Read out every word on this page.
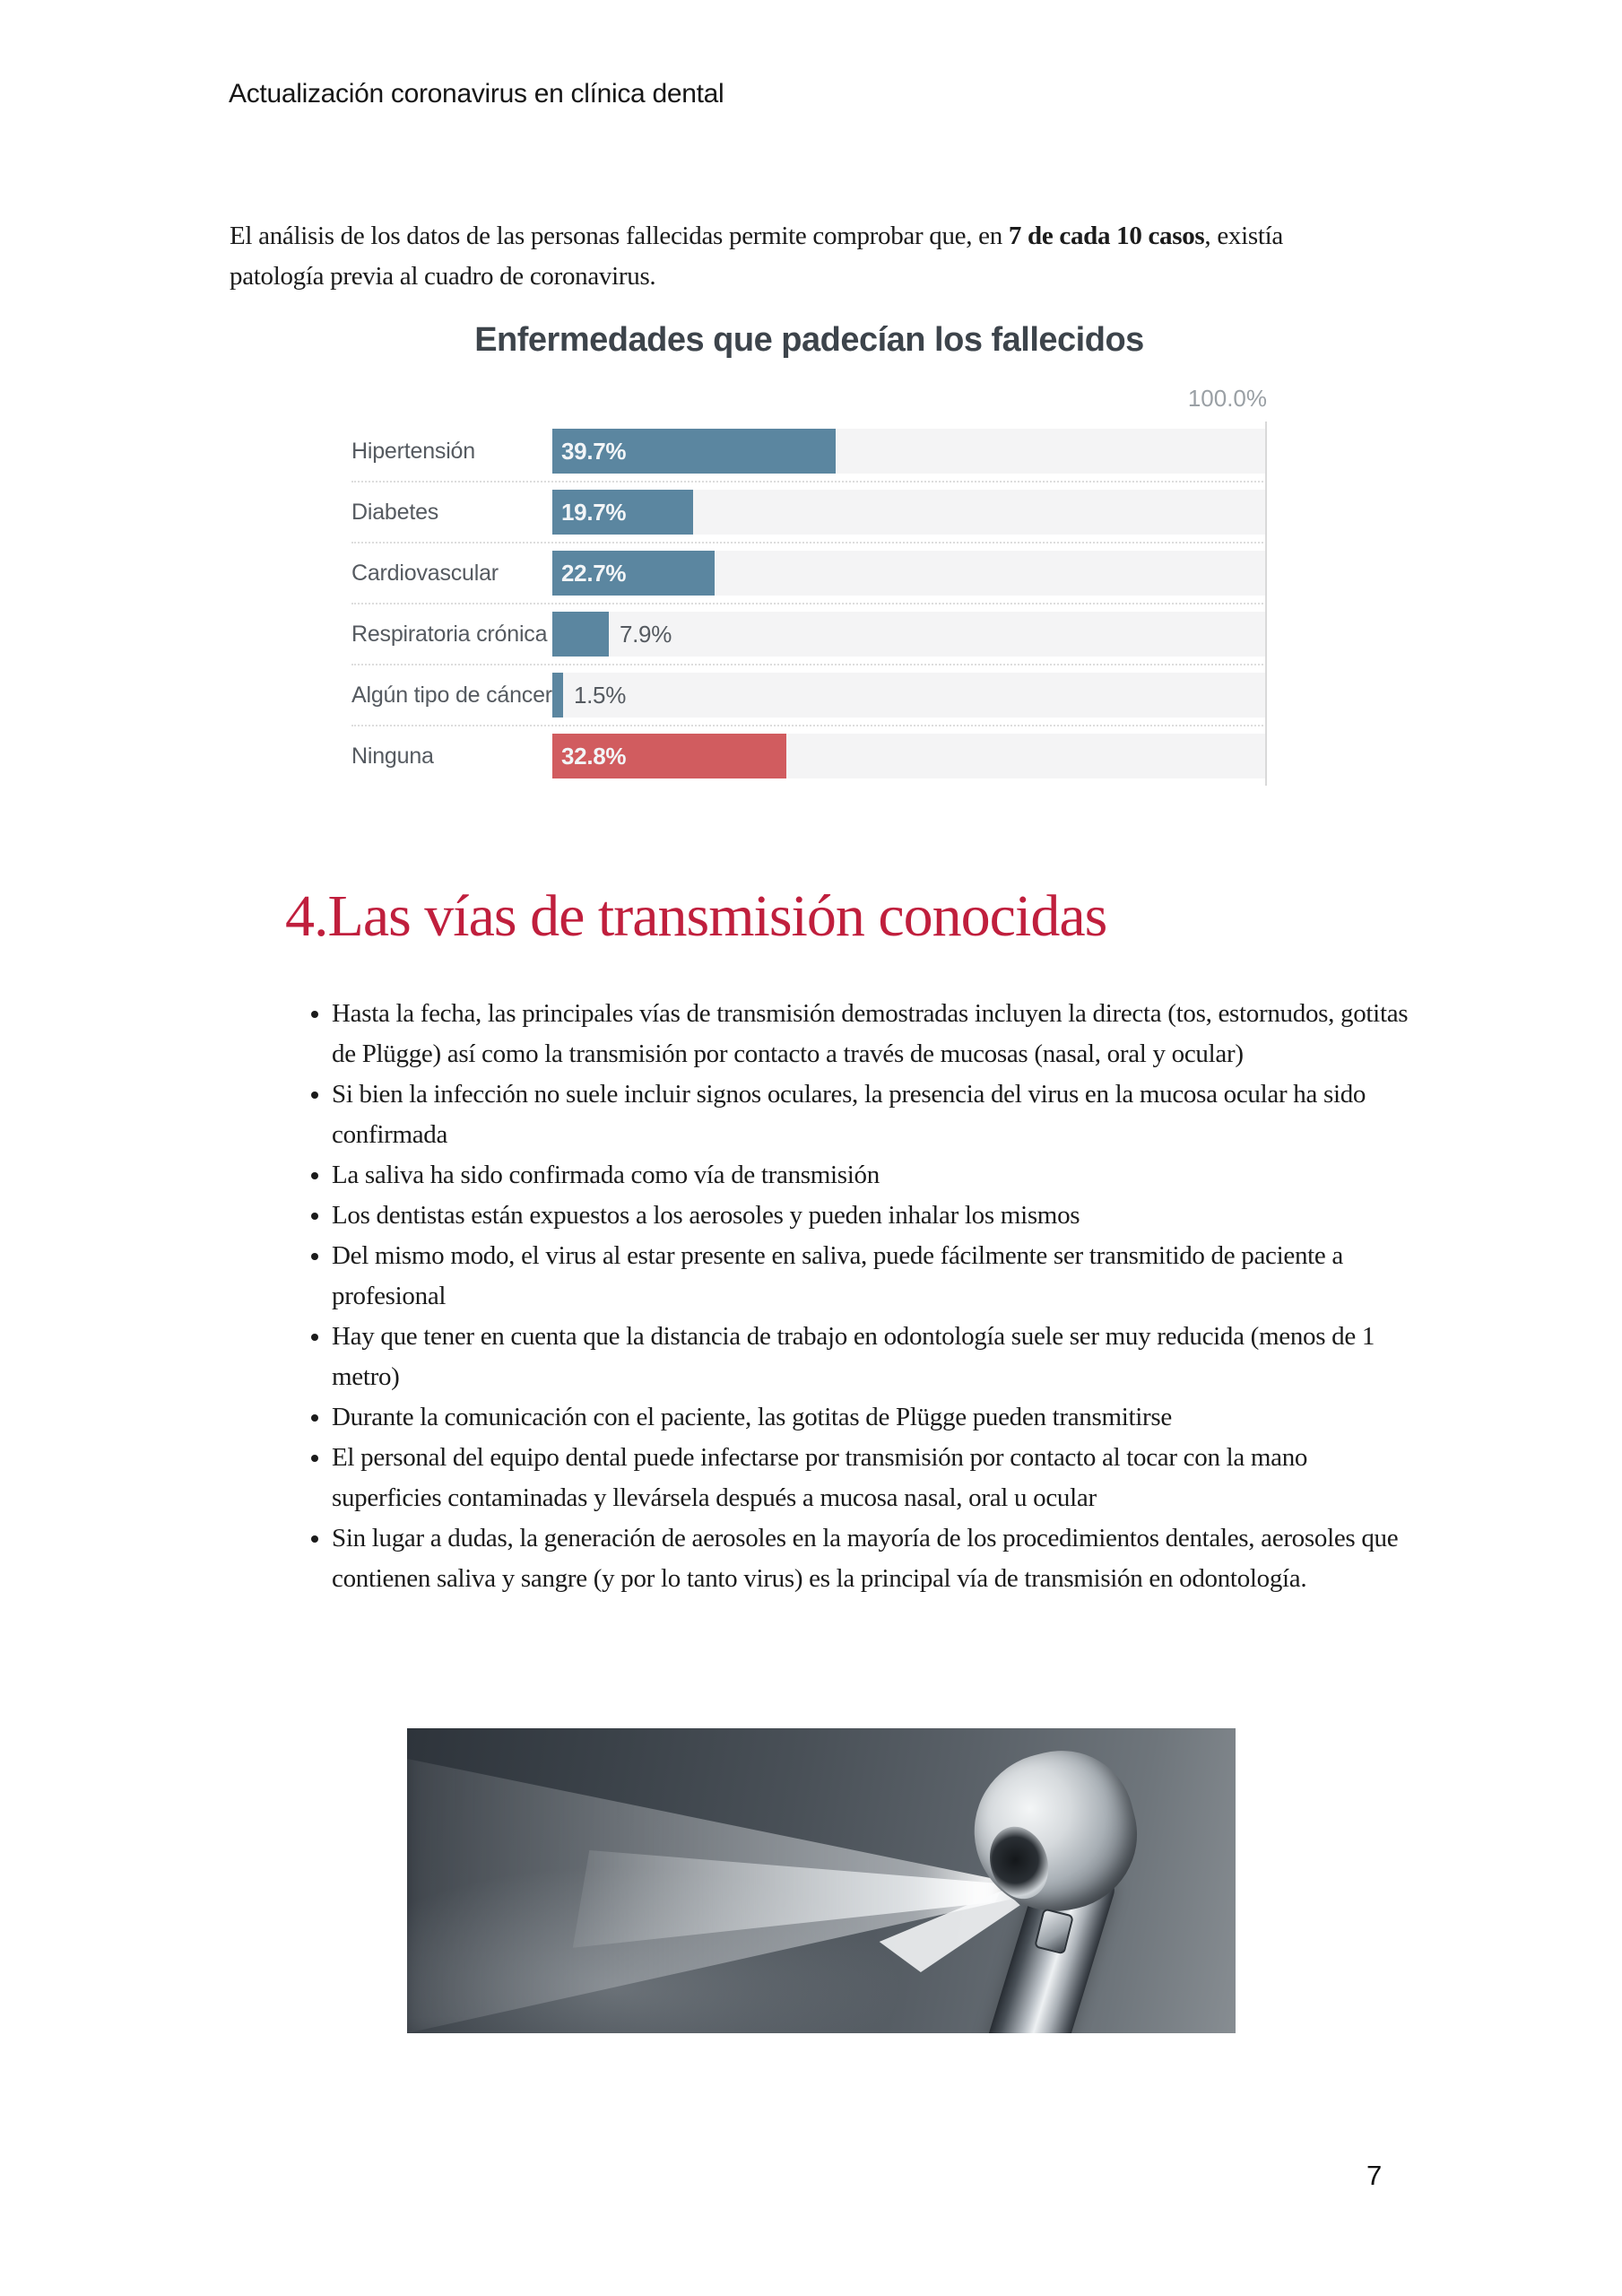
Actualización coronavirus en clínica dental

El análisis de los datos de las personas fallecidas permite comprobar que, en 7 de cada 10 casos, existía patología previa al cuadro de coronavirus.

Enfermedades que padecían los fallecidos
100.0%
Hipertensión	39.7%
Diabetes	19.7%
Cardiovascular	22.7%
Respiratoria crónica	7.9%
Algún tipo de cáncer 1.5%
Ninguna	32.8%
4.Las vías de transmisión conocidas
• Hasta la fecha, las principales vías de transmisión demostradas incluyen la directa (tos, estornudos, gotitas de Plügge) así como la transmisión por contacto a través de mucosas (nasal, oral y ocular)
• Si bien la infección no suele incluir signos oculares, la presencia del virus en la mucosa ocular ha sido confirmada
• La saliva ha sido confirmada como vía de transmisión
• Los dentistas están expuestos a los aerosoles y pueden inhalar los mismos
• Del mismo modo, el virus al estar presente en saliva, puede fácilmente ser transmitido de paciente a profesional
• Hay que tener en cuenta que la distancia de trabajo en odontología suele ser muy reducida (menos de 1 metro)
• Durante la comunicación con el paciente, las gotitas de Plügge pueden transmitirse
• El personal del equipo dental puede infectarse por transmisión por contacto al tocar con la mano superficies contaminadas y llevársela después a mucosa nasal, oral u ocular
• Sin lugar a dudas, la generación de aerosoles en la mayoría de los procedimientos dentales, aerosoles que contienen saliva y sangre (y por lo tanto virus) es la principal vía de transmisión en odontología.
7
